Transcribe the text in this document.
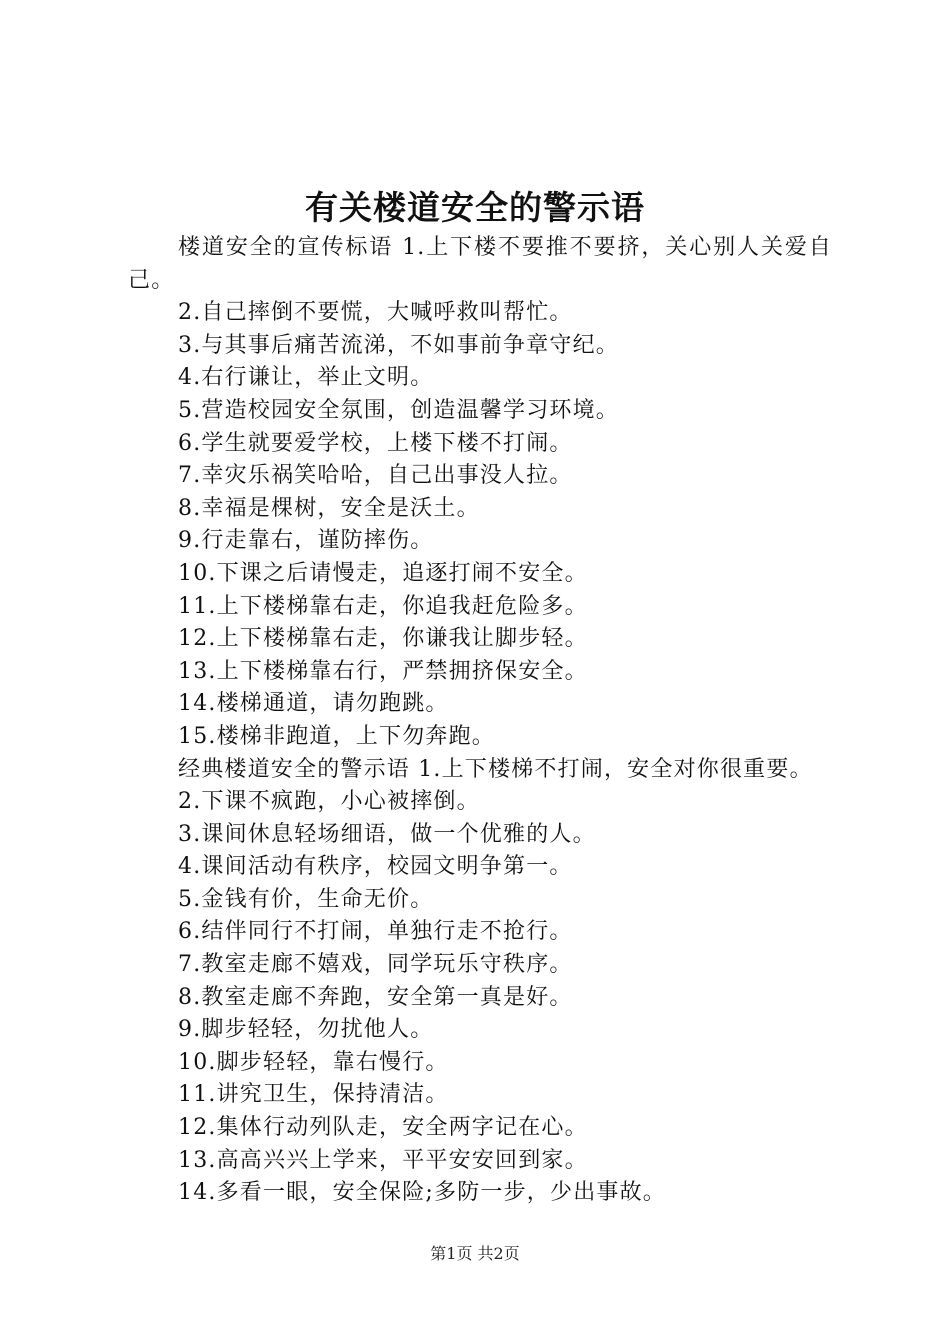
有关楼道安全的警示语

楼道安全的宣传标语 1.上下楼不要推不要挤，关心别人关爱自己。

2.自己摔倒不要慌，大喊呼救叫帮忙。

3.与其事后痛苦流涕，不如事前争章守纪。

4.右行谦让，举止文明。

5.营造校园安全氛围，创造温馨学习环境。

6.学生就要爱学校，上楼下楼不打闹。

7.幸灾乐祸笑哈哈，自己出事没人拉。

8.幸福是棵树，安全是沃土。

9.行走靠右，谨防摔伤。

10.下课之后请慢走，追逐打闹不安全。

11.上下楼梯靠右走，你追我赶危险多。

12.上下楼梯靠右走，你谦我让脚步轻。

13.上下楼梯靠右行，严禁拥挤保安全。

14.楼梯通道，请勿跑跳。

15.楼梯非跑道，上下勿奔跑。

经典楼道安全的警示语 1.上下楼梯不打闹，安全对你很重要。

2.下课不疯跑，小心被摔倒。

3.课间休息轻场细语，做一个优雅的人。

4.课间活动有秩序，校园文明争第一。

5.金钱有价，生命无价。

6.结伴同行不打闹，单独行走不抢行。

7.教室走廊不嬉戏，同学玩乐守秩序。

8.教室走廊不奔跑，安全第一真是好。

9.脚步轻轻，勿扰他人。

10.脚步轻轻，靠右慢行。

11.讲究卫生，保持清洁。

12.集体行动列队走，安全两字记在心。

13.高高兴兴上学来，平平安安回到家。

14.多看一眼，安全保险;多防一步，少出事故。

第1页 共2页
